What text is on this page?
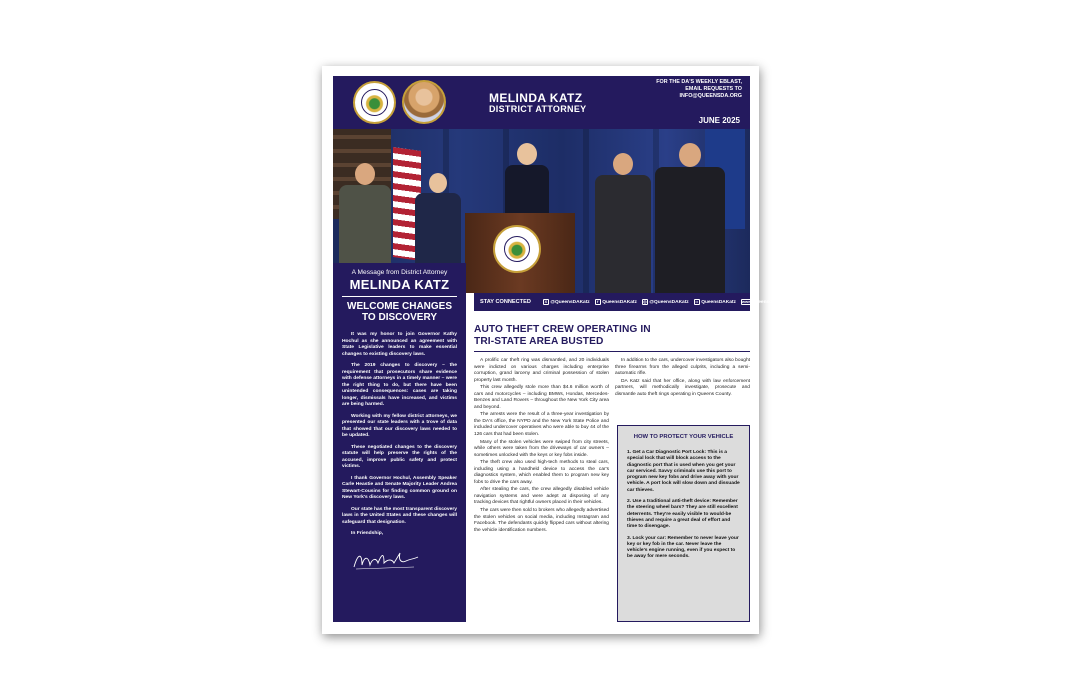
MELINDA KATZ
DISTRICT ATTORNEY
FOR THE DA'S WEEKLY EBLAST,
EMAIL REQUESTS TO
INFO@QUEENSDA.ORG
JUNE 2025
STAY CONNECTED	X @QueensDAKatz	f QueensDAKatz	◎ @QueensDAKatz	•• QueensDAKatz www queensda.org
A Message from District Attorney
MELINDA KATZ
WELCOME CHANGES
TO DISCOVERY

It was my honor to join Governor Kathy Hochul as she announced an agreement with State Legislative leaders to make essential changes to existing discovery laws.

The 2019 changes to discovery – the requirement that prosecutors share evidence with defense attorneys in a timely manner – were the right thing to do, but there have been unintended consequences: cases are taking longer, dismissals have increased, and victims are being harmed.

Working with my fellow district attorneys, we presented our state leaders with a trove of data that showed that our discovery laws needed to be updated.

These negotiated changes to the discovery statute will help preserve the rights of the accused, improve public safety and protect victims.

I thank Governor Hochul, Assembly Speaker Carle Heastie and Senate Majority Leader Andrea Stewart-Cousins for finding common ground on New York's discovery laws.

Our state has the most transparent discovery laws in the United States and these changes will safeguard that designation.

In Friendship,

AUTO THEFT CREW OPERATING IN
TRI-STATE AREA BUSTED

A prolific car theft ring was dismantled, and 20 individuals were indicted on various charges including enterprise corruption, grand larceny and criminal possession of stolen property last month.

This crew allegedly stole more than $4.6 million worth of cars and motorcycles – including BMWs, Hondas, Mercedes-Benzes and Land Rovers – throughout the New York City area and beyond.

The arrests were the result of a three-year investigation by the DA's office, the NYPD and the New York State Police and included undercover operatives who were able to buy 44 of the 126 cars that had been stolen.

Many of the stolen vehicles were swiped from city streets, while others were taken from the driveways of car owners – sometimes unlocked with the keys or key fobs inside.

The theft crew also used high-tech methods to steal cars, including using a handheld device to access the car's diagnostics system, which enabled them to program new key fobs to drive the cars away.

After stealing the cars, the crew allegedly disabled vehicle navigation systems and were adept at disposing of any tracking devices that rightful owners placed in their vehicles.

The cars were then sold to brokers who allegedly advertised the stolen vehicles on social media, including Instagram and Facebook. The defendants quickly flipped cars without altering the vehicle identification numbers.

In addition to the cars, undercover investigators also bought three firearms from the alleged culprits, including a semi-automatic rifle.

DA Katz said that her office, along with law enforcement partners, will methodically investigate, prosecute and dismantle auto theft rings operating in Queens County.

HOW TO PROTECT YOUR VEHICLE

1. Get a Car Diagnostic Port Lock: This is a special lock that will block access to the diagnostic port that is used when you get your car serviced. Savvy criminals use this port to program new key fobs and drive away with your vehicle. A port lock will slow down and dissuade car thieves.

2. Use a traditional anti-theft device: Remember the steering wheel bars? They are still excellent deterrents. They're easily visible to would-be thieves and require a great deal of effort and time to disengage.

3. Lock your car: Remember to never leave your key or key fob in the car. Never leave the vehicle's engine running, even if you expect to be away for mere seconds.
